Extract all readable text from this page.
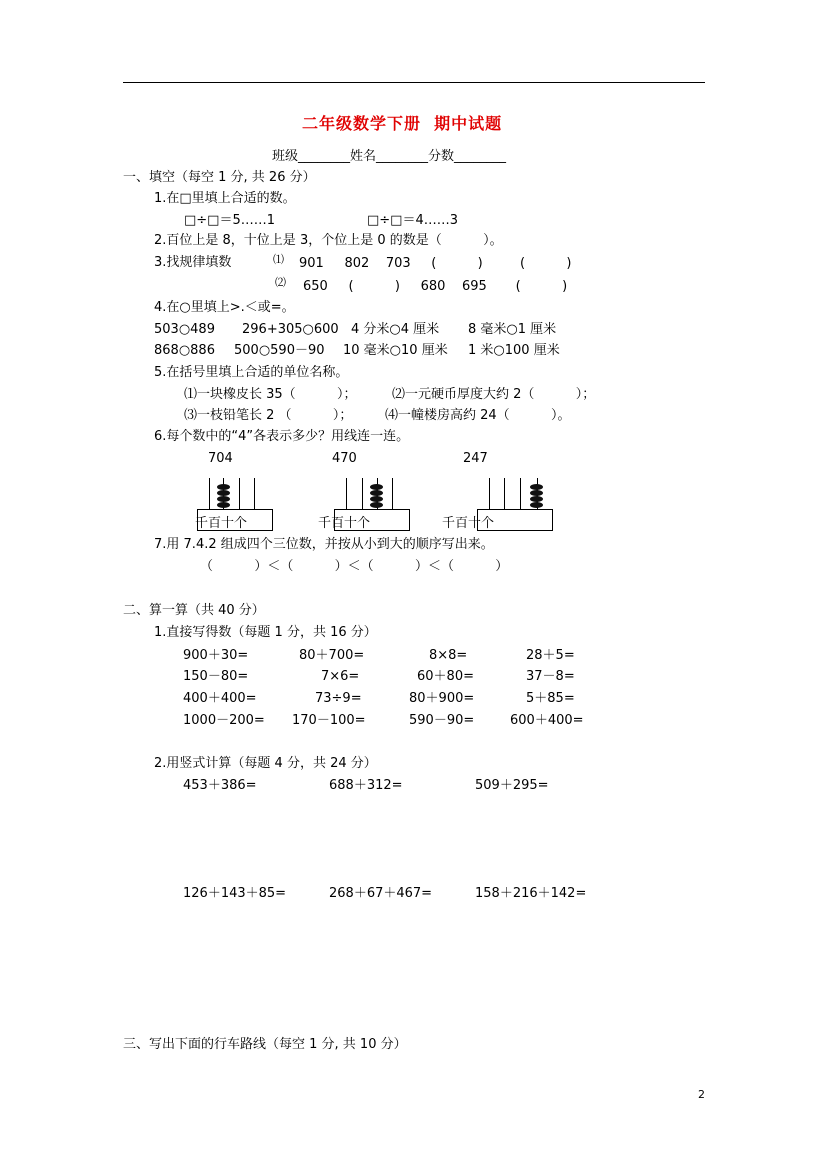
二年级数学下册  期中试题
班级________姓名________分数________
一、填空（每空 1 分, 共 26 分）
1.在□里填上合适的数。
□÷□＝5……1	□÷□＝4……3
2.百位上是 8，十位上是 3，个位上是 0 的数是（          ）。
3.找规律填数	⑴ 901     802    703     (          )         (          )
⑵ 650     (          )     680    695       (          )
4.在○里填上>.＜或=。
503○489 296+305○600 4 分米○4 厘米 8 毫米○1 厘米
868○886 500○590－90 10 毫米○10 厘米 1 米○100 厘米
5.在括号里填上合适的单位名称。
⑴一块橡皮长 35（          ）；	⑵一元硬币厚度大约 2（          ）；
⑶一枝铅笔长 2 （          ）；	⑷一幢楼房高约 24（          ）。
6.每个数中的“4”各表示多少？用线连一连。
704	470	247
千百十个	千百十个	千百十个
7.用 7.4.2 组成四个三位数，并按从小到大的顺序写出来。
（          ）＜（          ）＜（          ）＜（          ）
二、算一算（共 40 分）
1.直接写得数（每题 1 分，共 16 分）
900＋30=	80＋700=	8×8=	28＋5=
150－80=	7×6=	60＋80=	37－8=
400＋400=	73÷9=	80＋900=	5＋85=
1000－200= 170－100=	590－90=	600＋400=
2.用竖式计算（每题 4 分，共 24 分）
453＋386=	688＋312=	509＋295=
126＋143＋85=	268＋67＋467=	158＋216＋142=
三、写出下面的行车路线（每空 1 分, 共 10 分）
2
